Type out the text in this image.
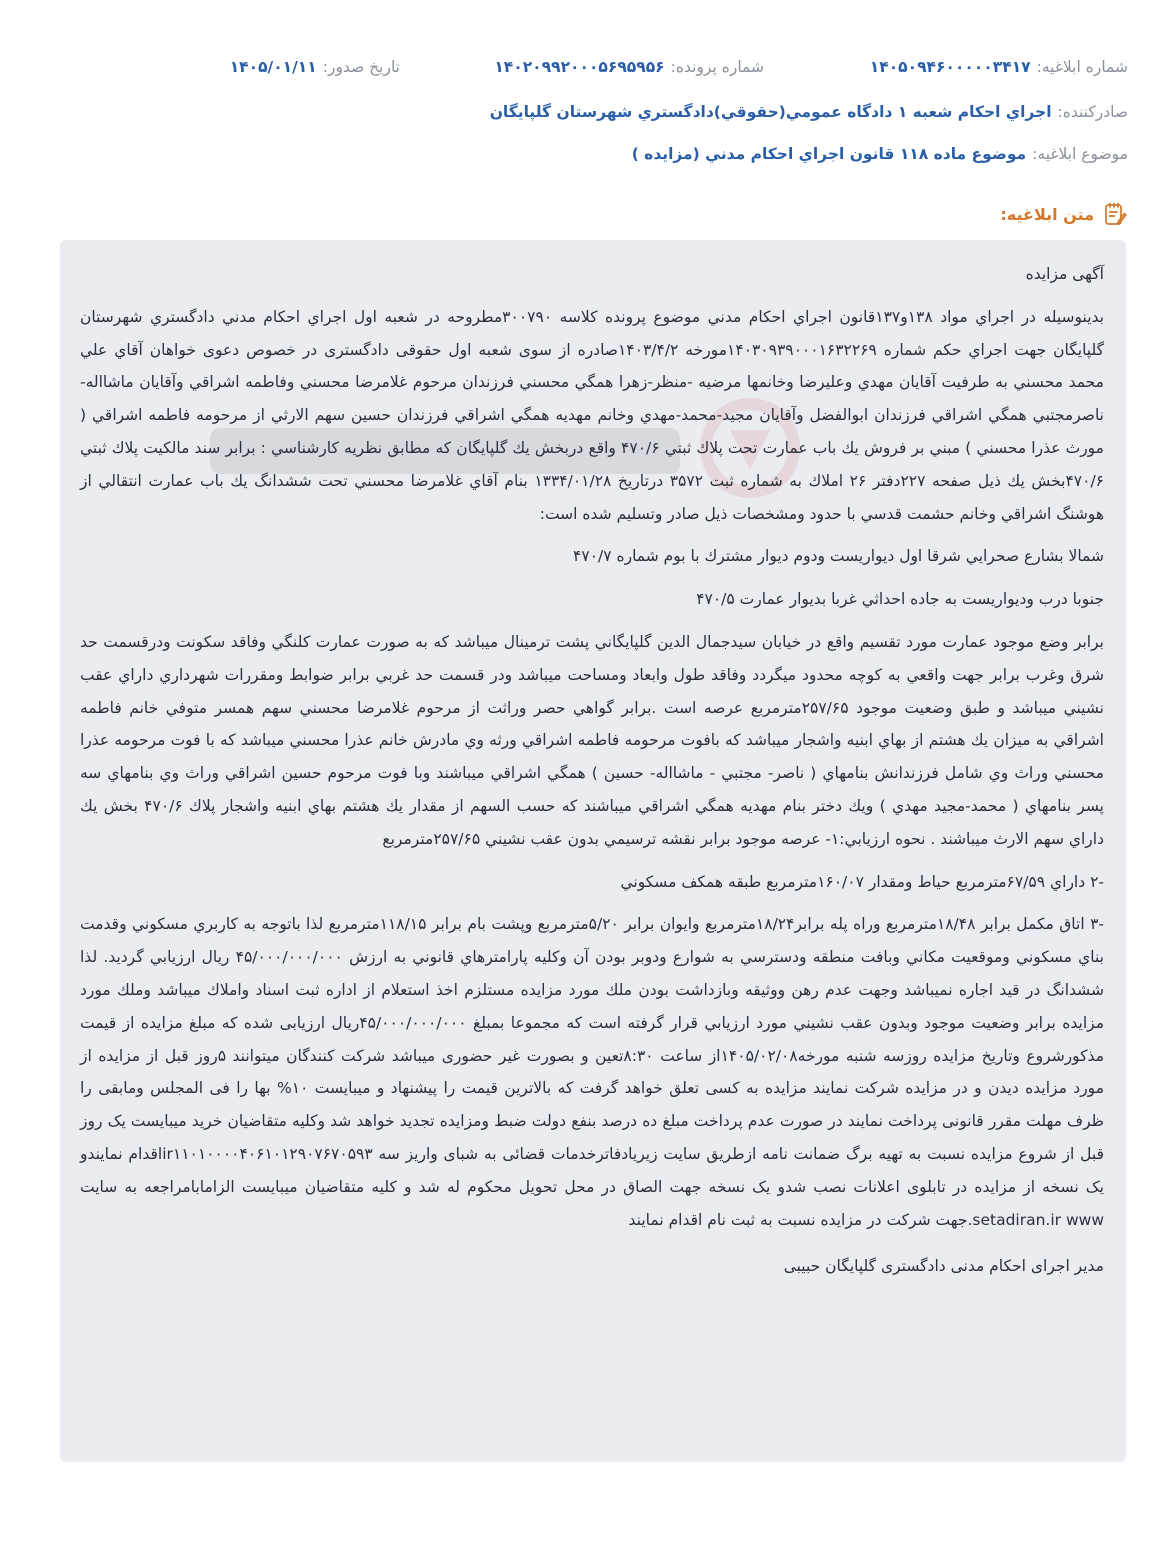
شماره ابلاغيه:
۱۴۰۵۰۹۴۶۰۰۰۰۰۳۴۱۷
شماره پرونده:
۱۴۰۲۰۹۹۲۰۰۰۵۶۹۵۹۵۶
تاريخ صدور:
۱۴۰۵/۰۱/۱۱
صادرکننده:
اجراي احكام شعبه ۱ دادگاه عمومي(حقوقي)دادگستري شهرستان گلپايگان
موضوع ابلاغيه:
موضوع ماده ۱۱۸ قانون اجراي احكام مدني (مزايده )
متن ابلاغيه:

آگهی مزایده

بدينوسيله در اجراي مواد ۱۳۸و۱۳۷قانون اجراي احكام مدني موضوع پرونده كلاسه ۳۰۰۷۹۰مطروحه در شعبه اول اجراي احكام مدني دادگستري شهرستان گلپايگان جهت اجراي حكم شماره ۱۴۰۳۰۹۳۹۰۰۰۱۶۳۲۲۶۹مورخه ۱۴۰۳/۴/۲صادره از سوی شعبه اول حقوقی دادگستری در خصوص دعوی خواهان آقاي علي محمد محسني به طرفيت آقايان مهدي وعليرضا وخانمها مرضيه -منظر-زهرا همگي محسني فرزندان مرحوم غلامرضا محسني وفاطمه اشراقي وآقايان ماشااله-ناصرمجتبي همگي اشراقي فرزندان ابوالفضل وآقايان مجيد-محمد-مهدي وخانم مهديه همگي اشراقي فرزندان حسين سهم الارثي از مرحومه فاطمه اشراقي ( مورث عذرا محسني ) مبني بر فروش يك باب عمارت تحت پلاك ثبتي ۴۷۰/۶ واقع دربخش يك گلپايگان كه مطابق نظريه كارشناسي : برابر سند مالكيت پلاك ثبتي ۴۷۰/۶بخش يك ذيل صفحه ۲۲۷دفتر ۲۶ املاك به شماره ثبت ۳۵۷۲ درتاريخ ۱۳۳۴/۰۱/۲۸ بنام آقاي غلامرضا محسني تحت ششدانگ يك باب عمارت انتقالي از هوشنگ اشراقي وخانم حشمت قدسي با حدود ومشخصات ذيل صادر وتسليم شده است:

شمالا بشارع صحرايي شرقا اول ديواريست ودوم ديوار مشترك با بوم شماره ۴۷۰/۷

جنوبا درب وديواريست به جاده احداثي غربا بديوار عمارت ۴۷۰/۵

برابر وضع موجود عمارت مورد تقسيم واقع در خيابان سيدجمال الدين گلپايگاني پشت ترمينال ميباشد كه به صورت عمارت كلنگي وفاقد سكونت ودرقسمت حد شرق وغرب برابر جهت واقعي به كوچه محدود ميگردد وفاقد طول وابعاد ومساحت ميباشد ودر قسمت حد غربي برابر ضوابط ومقررات شهرداري داراي عقب نشيني ميباشد و طبق وضعيت موجود ۲۵۷/۶۵مترمربع عرصه است .برابر گواهي حصر وراثت از مرحوم غلامرضا محسني سهم همسر متوفي خانم فاطمه اشراقي به ميزان يك هشتم از بهاي ابنيه واشجار ميباشد كه بافوت مرحومه فاطمه اشراقي ورثه وي مادرش خانم عذرا محسني ميباشد كه با فوت مرحومه عذرا محسني وراث وي شامل فرزندانش بنامهاي ( ناصر- مجتبي - ماشااله- حسين ) همگي اشراقي ميباشند وبا فوت مرحوم حسين اشراقي وراث وي بنامهاي سه پسر بنامهاي ( محمد-مجيد مهدي ) ويك دختر بنام مهديه همگي اشراقي ميباشند كه حسب السهم از مقدار يك هشتم بهاي ابنيه واشجار پلاك ۴۷۰/۶ بخش يك داراي سهم الارث ميباشند . نحوه ارزيابي:۱- عرصه موجود برابر نقشه ترسيمي بدون عقب نشيني ۲۵۷/۶۵مترمربع

-۲ داراي ۶۷/۵۹مترمربع حياط ومقدار ۱۶۰/۰۷مترمربع طبقه همكف مسكوني

-۳ اتاق مكمل برابر ۱۸/۴۸مترمربع وراه پله برابر۱۸/۲۴مترمربع وايوان برابر ۵/۲۰مترمربع وپشت بام برابر ۱۱۸/۱۵مترمربع لذا باتوجه به كاربري مسكوني وقدمت بناي مسكوني وموقعيت مكاني وبافت منطقه ودسترسي به شوارع ودوبر بودن آن وكليه پارامترهاي قانوني به ارزش ۴۵/۰۰۰/۰۰۰/۰۰۰ ريال ارزيابي گرديد. لذا ششدانگ در قيد اجاره نميباشد وجهت عدم رهن ووثيقه وبازداشت بودن ملك مورد مزايده مستلزم اخذ استعلام از اداره ثبت اسناد واملاك ميباشد وملك مورد مزايده برابر وضعيت موجود وبدون عقب نشيني مورد ارزيابي قرار گرفته است كه مجموعا بمبلغ ۴۵/۰۰۰/۰۰۰/۰۰۰ريال ارزيابی شده كه مبلغ مزايده از قيمت مذكورشروع وتاريخ مزايده روزسه شنبه مورخه۱۴۰۵/۰۲/۰۸از ساعت ۸:۳۰تعين و بصورت غير حضوری ميباشد شركت كنندگان ميتوانند ۵روز قبل از مزايده از مورد مزايده ديدن و در مزايده شركت نمايند مزايده به كسی تعلق خواهد گرفت كه بالاترين قيمت را پيشنهاد و ميبايست ۱۰% بها را فی المجلس ومابقی را ظرف مهلت مقرر قانونی پرداخت نمايند در صورت عدم پرداخت مبلغ ده درصد بنفع دولت ضبط ومزايده تجديد خواهد شد وكليه متقاضيان خريد ميبايست یک روز قبل از شروع مزايده نسبت به تهيه برگ ضمانت نامه ازطريق سايت زيريادفاترخدمات قضائی به شبای واريز سه ir۱۱۰۱۰۰۰۰۴۰۶۱۰۱۲۹۰۷۶۷۰۵۹۳اقدام نمايندو يک نسخه از مزايده در تابلوی اعلانات نصب شدو يک نسخه جهت الصاق در محل تحويل محكوم له شد و كليه متقاضيان ميبايست الزامابامراجعه به سايت setadiran.ir www.جهت شركت در مزايده نسبت به ثبت نام اقدام نمايند

مدير اجرای احكام مدنی دادگستری گلپايگان حبيبی
